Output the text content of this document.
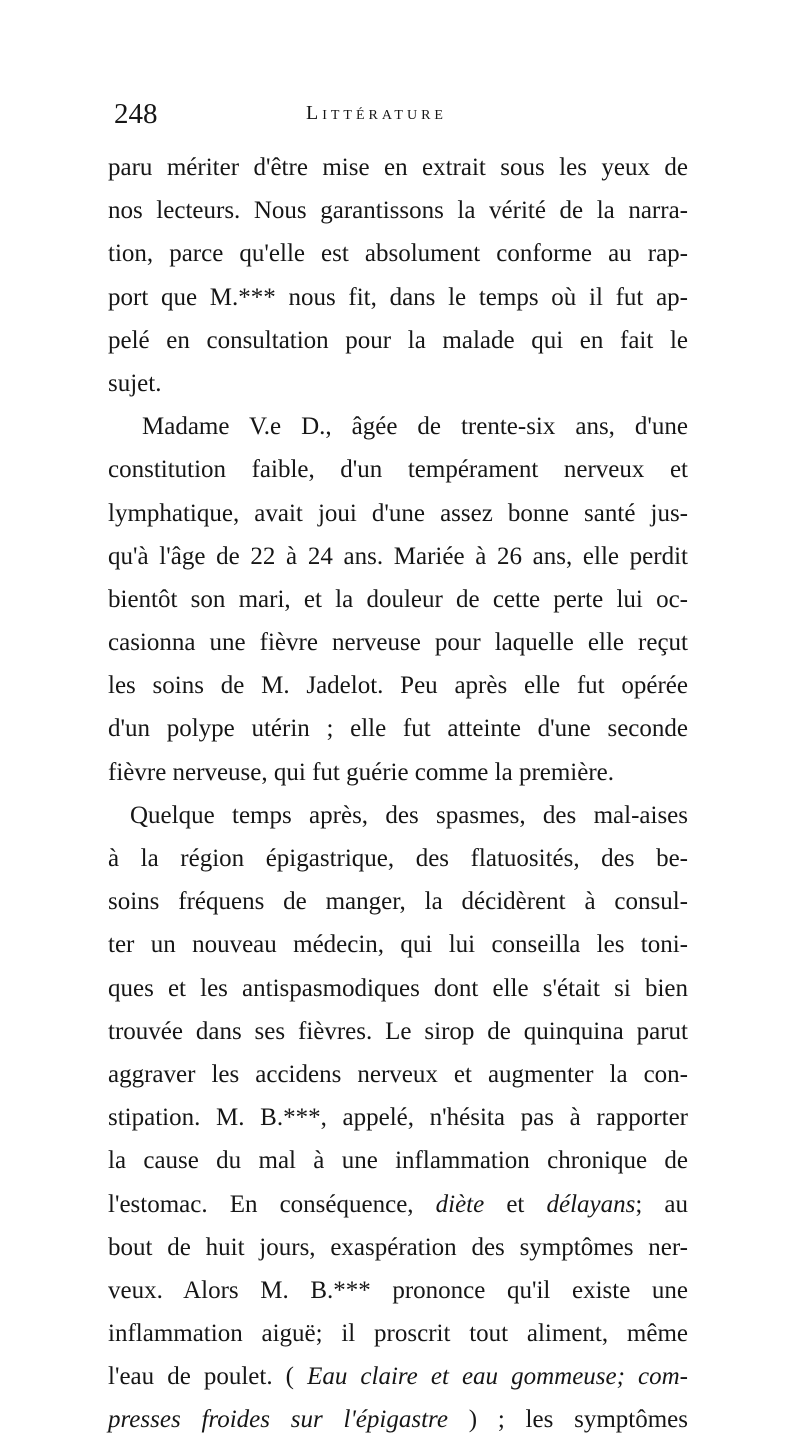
248	Littérature
paru mériter d'être mise en extrait sous les yeux de
nos lecteurs. Nous garantissons la vérité de la narra-
tion, parce qu'elle est absolument conforme au rap-
port que M.*** nous fit, dans le temps où il fut ap-
pelé en consultation pour la malade qui en fait le
sujet.
Madame V.e D., âgée de trente-six ans, d'une
constitution faible, d'un tempérament nerveux et
lymphatique, avait joui d'une assez bonne santé jus-
qu'à l'âge de 22 à 24 ans. Mariée à 26 ans, elle perdit
bientôt son mari, et la douleur de cette perte lui oc-
casionna une fièvre nerveuse pour laquelle elle reçut
les soins de M. Jadelot. Peu après elle fut opérée
d'un polype utérin ; elle fut atteinte d'une seconde
fièvre nerveuse, qui fut guérie comme la première.
Quelque temps après, des spasmes, des mal-aises
à la région épigastrique, des flatuosités, des be-
soins fréquens de manger, la décidèrent à consul-
ter un nouveau médecin, qui lui conseilla les toni-
ques et les antispasmodiques dont elle s'était si bien
trouvée dans ses fièvres. Le sirop de quinquina parut
aggraver les accidens nerveux et augmenter la con-
stipation. M. B.***, appelé, n'hésita pas à rapporter
la cause du mal à une inflammation chronique de
l'estomac. En conséquence, diète et délayans; au
bout de huit jours, exaspération des symptômes ner-
veux. Alors M. B.*** prononce qu'il existe une
inflammation aiguë; il proscrit tout aliment, même
l'eau de poulet. ( Eau claire et eau gommeuse; com-
presses froides sur l'épigastre ) ; les symptômes
